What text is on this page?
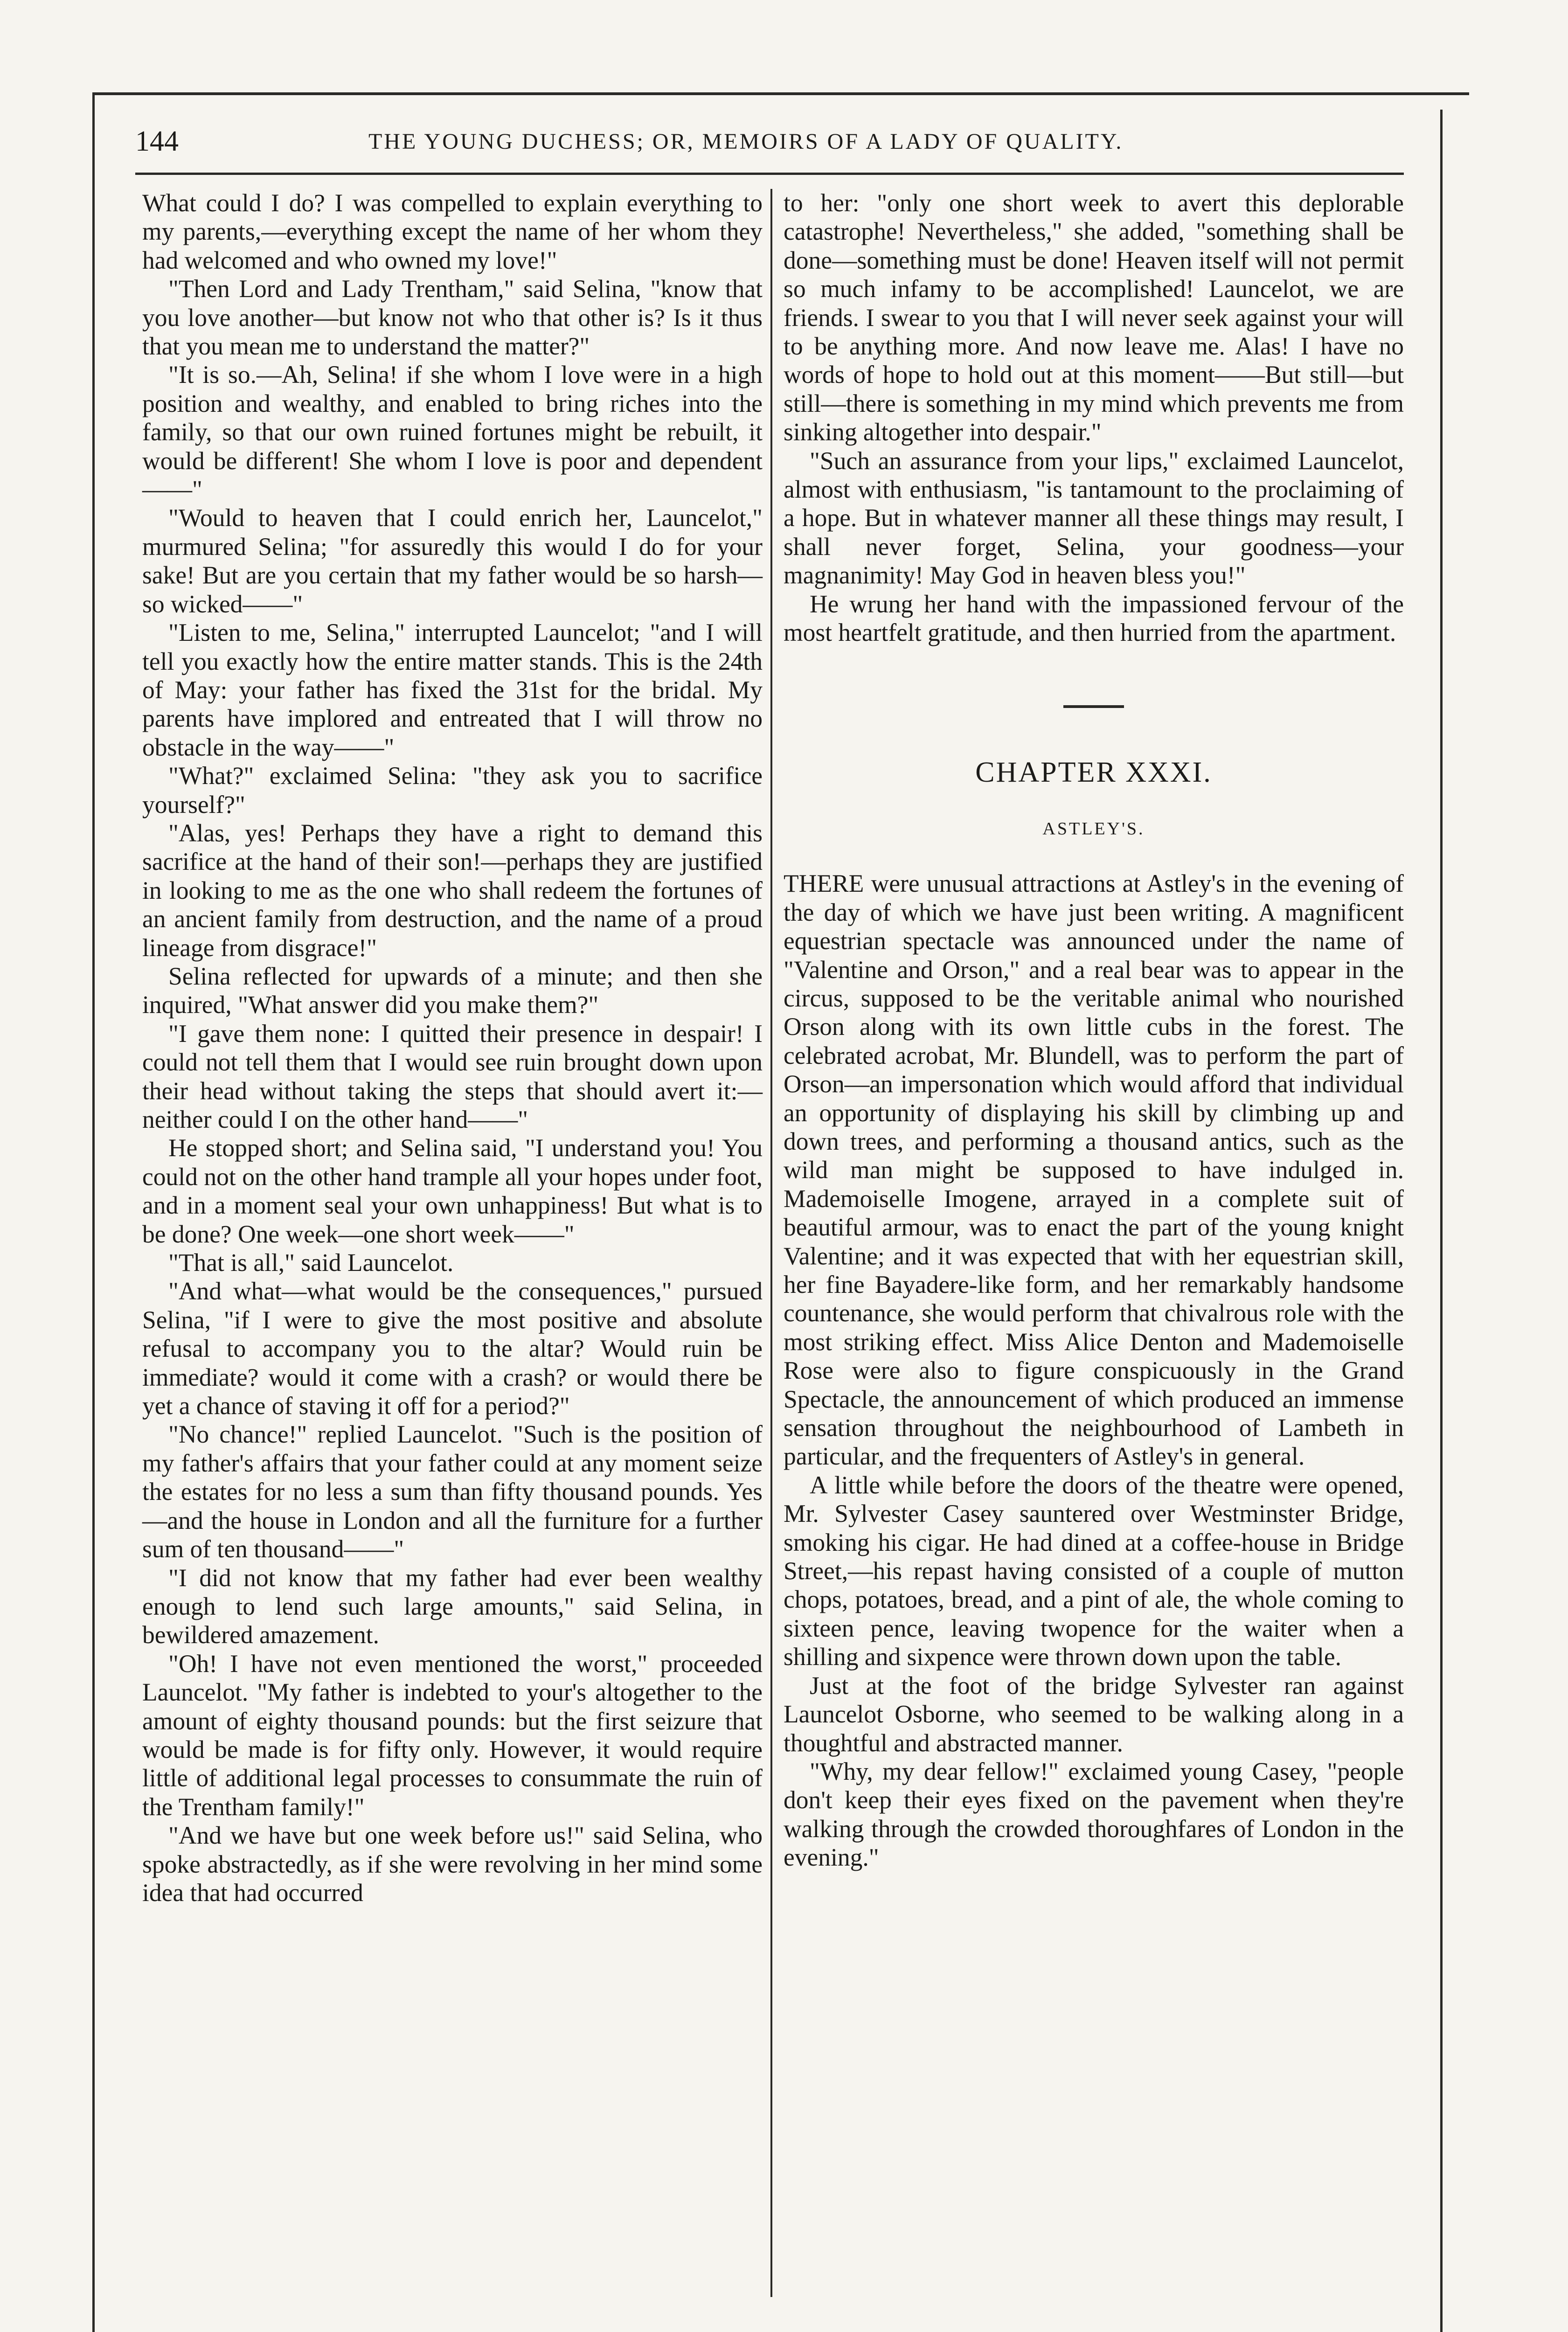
144	THE YOUNG DUCHESS; OR, MEMOIRS OF A LADY OF QUALITY.

What could I do? I was compelled to explain everything to my parents,—everything except the name of her whom they had welcomed and who owned my love!"

"Then Lord and Lady Trentham," said Selina, "know that you love another—but know not who that other is? Is it thus that you mean me to understand the matter?"

"It is so.—Ah, Selina! if she whom I love were in a high position and wealthy, and enabled to bring riches into the family, so that our own ruined fortunes might be rebuilt, it would be different! She whom I love is poor and dependent——"

"Would to heaven that I could enrich her, Launcelot," murmured Selina; "for assuredly this would I do for your sake! But are you certain that my father would be so harsh—so wicked——"

"Listen to me, Selina," interrupted Launcelot; "and I will tell you exactly how the entire matter stands. This is the 24th of May: your father has fixed the 31st for the bridal. My parents have implored and entreated that I will throw no obstacle in the way——"

"What?" exclaimed Selina: "they ask you to sacrifice yourself?"

"Alas, yes! Perhaps they have a right to demand this sacrifice at the hand of their son!—perhaps they are justified in looking to me as the one who shall redeem the fortunes of an ancient family from destruction, and the name of a proud lineage from disgrace!"

Selina reflected for upwards of a minute; and then she inquired, "What answer did you make them?"

"I gave them none: I quitted their presence in despair! I could not tell them that I would see ruin brought down upon their head without taking the steps that should avert it:—neither could I on the other hand——"

He stopped short; and Selina said, "I understand you! You could not on the other hand trample all your hopes under foot, and in a moment seal your own unhappiness! But what is to be done? One week—one short week——"

"That is all," said Launcelot.

"And what—what would be the consequences," pursued Selina, "if I were to give the most positive and absolute refusal to accompany you to the altar? Would ruin be immediate? would it come with a crash? or would there be yet a chance of staving it off for a period?"

"No chance!" replied Launcelot. "Such is the position of my father's affairs that your father could at any moment seize the estates for no less a sum than fifty thousand pounds. Yes—and the house in London and all the furniture for a further sum of ten thousand——"

"I did not know that my father had ever been wealthy enough to lend such large amounts," said Selina, in bewildered amazement.

"Oh! I have not even mentioned the worst," proceeded Launcelot. "My father is indebted to your's altogether to the amount of eighty thousand pounds: but the first seizure that would be made is for fifty only. However, it would require little of additional legal processes to consummate the ruin of the Trentham family!"

"And we have but one week before us!" said Selina, who spoke abstractedly, as if she were revolving in her mind some idea that had occurred

to her: "only one short week to avert this deplorable catastrophe! Nevertheless," she added, "something shall be done—something must be done! Heaven itself will not permit so much infamy to be accomplished! Launcelot, we are friends. I swear to you that I will never seek against your will to be anything more. And now leave me. Alas! I have no words of hope to hold out at this moment——But still—but still—there is something in my mind which prevents me from sinking altogether into despair."

"Such an assurance from your lips," exclaimed Launcelot, almost with enthusiasm, "is tantamount to the proclaiming of a hope. But in whatever manner all these things may result, I shall never forget, Selina, your goodness—your magnanimity! May God in heaven bless you!"

He wrung her hand with the impassioned fervour of the most heartfelt gratitude, and then hurried from the apartment.

CHAPTER XXXI.
ASTLEY'S.

THERE were unusual attractions at Astley's in the evening of the day of which we have just been writing. A magnificent equestrian spectacle was announced under the name of "Valentine and Orson," and a real bear was to appear in the circus, supposed to be the veritable animal who nourished Orson along with its own little cubs in the forest. The celebrated acrobat, Mr. Blundell, was to perform the part of Orson—an impersonation which would afford that individual an opportunity of displaying his skill by climbing up and down trees, and performing a thousand antics, such as the wild man might be supposed to have indulged in. Mademoiselle Imogene, arrayed in a complete suit of beautiful armour, was to enact the part of the young knight Valentine; and it was expected that with her equestrian skill, her fine Bayadere-like form, and her remarkably handsome countenance, she would perform that chivalrous role with the most striking effect. Miss Alice Denton and Mademoiselle Rose were also to figure conspicuously in the Grand Spectacle, the announcement of which produced an immense sensation throughout the neighbourhood of Lambeth in particular, and the frequenters of Astley's in general.

A little while before the doors of the theatre were opened, Mr. Sylvester Casey sauntered over Westminster Bridge, smoking his cigar. He had dined at a coffee-house in Bridge Street,—his repast having consisted of a couple of mutton chops, potatoes, bread, and a pint of ale, the whole coming to sixteen pence, leaving twopence for the waiter when a shilling and sixpence were thrown down upon the table.

Just at the foot of the bridge Sylvester ran against Launcelot Osborne, who seemed to be walking along in a thoughtful and abstracted manner.

"Why, my dear fellow!" exclaimed young Casey, "people don't keep their eyes fixed on the pavement when they're walking through the crowded thoroughfares of London in the evening."
